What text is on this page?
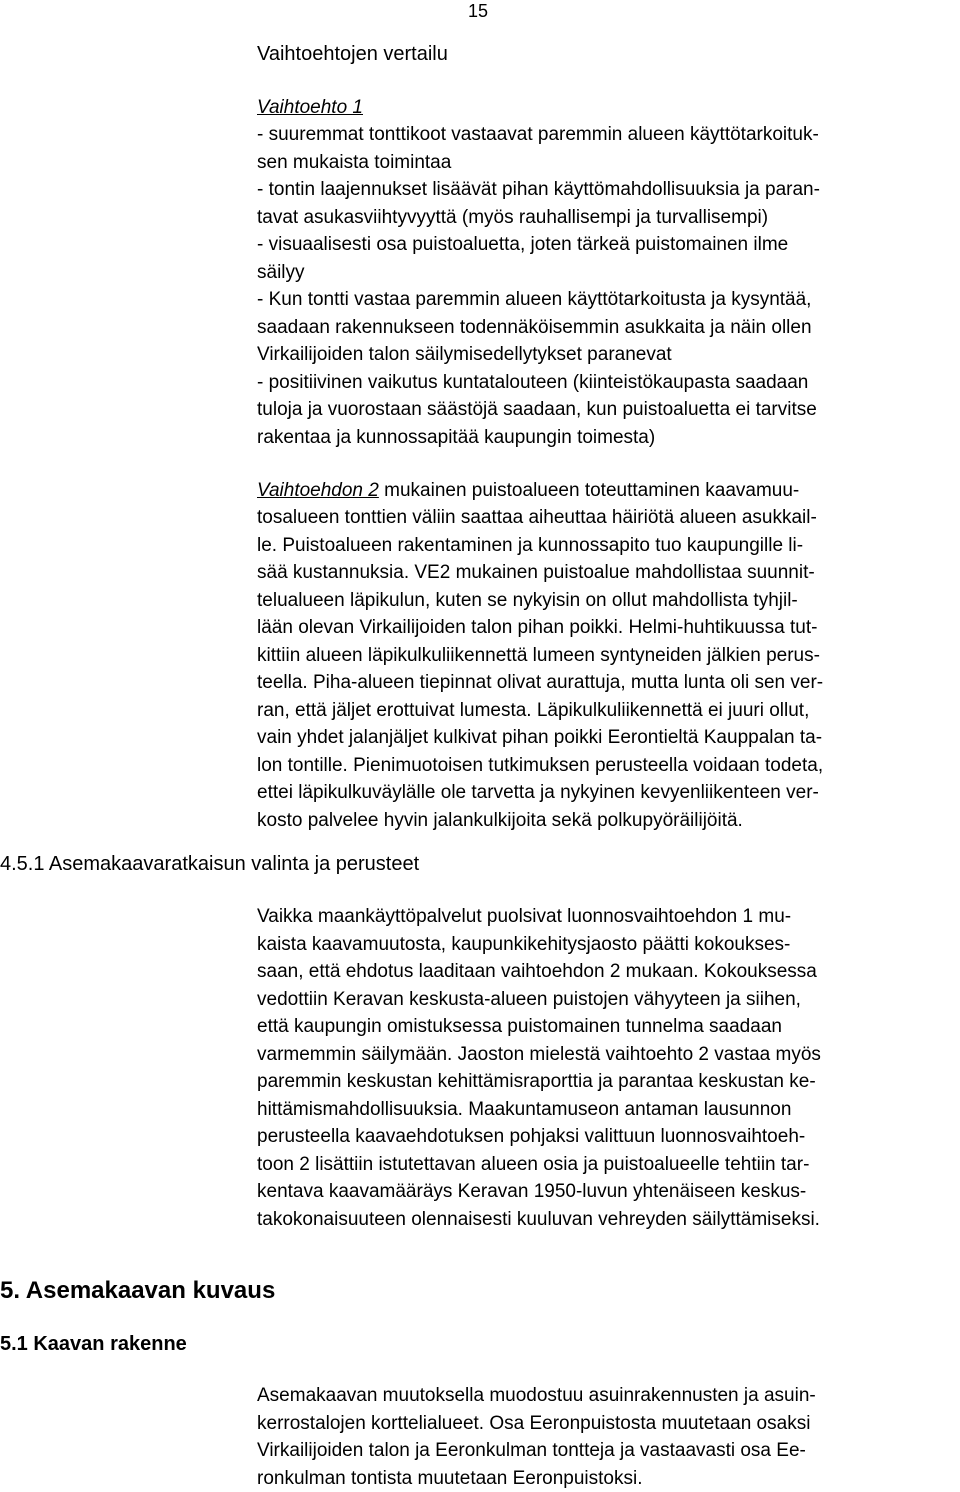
15
Vaihtoehtojen vertailu
Vaihtoehto 1
- suuremmat tonttikoot vastaavat paremmin alueen käyttötarkoituk-
sen mukaista toimintaa
- tontin laajennukset lisäävät pihan käyttömahdollisuuksia ja paran-
tavat asukasviihtyvyyttä (myös rauhallisempi ja turvallisempi)
- visuaalisesti osa puistoaluetta, joten tärkeä puistomainen ilme
säilyy
- Kun tontti vastaa paremmin alueen käyttötarkoitusta ja kysyntää,
saadaan rakennukseen todennäköisemmin asukkaita ja näin ollen
Virkailijoiden talon säilymisedellytykset paranevat
- positiivinen vaikutus kuntatalouteen (kiinteistökaupasta saadaan
tuloja ja vuorostaan säästöjä saadaan, kun puistoaluetta ei tarvitse
rakentaa ja kunnossapitää kaupungin toimesta)
Vaihtoehdon 2 mukainen puistoalueen toteuttaminen kaavamuu-
tosalueen tonttien väliin saattaa aiheuttaa häiriötä alueen asukkail-
le. Puistoalueen rakentaminen ja kunnossapito tuo kaupungille li-
sää kustannuksia. VE2 mukainen puistoalue mahdollistaa suunnit-
telualueen läpikulun, kuten se nykyisin on ollut mahdollista tyhjil-
lään olevan Virkailijoiden talon pihan poikki. Helmi-huhtikuussa tut-
kittiin alueen läpikulkuliikennettä lumeen syntyneiden jälkien perus-
teella. Piha-alueen tiepinnat olivat aurattuja, mutta lunta oli sen ver-
ran, että jäljet erottuivat lumesta. Läpikulkuliikennettä ei juuri ollut,
vain yhdet jalanjäljet kulkivat pihan poikki Eerontieltä Kauppalan ta-
lon tontille. Pienimuotoisen tutkimuksen perusteella voidaan todeta,
ettei läpikulkuväylälle ole tarvetta ja nykyinen kevyenliikenteen ver-
kosto palvelee hyvin jalankulkijoita sekä polkupyöräilijöitä.
4.5.1 Asemakaavaratkaisun valinta ja perusteet
Vaikka maankäyttöpalvelut puolsivat luonnosvaihtoehdon 1 mu-
kaista kaavamuutosta, kaupunkikehitysjaosto päätti kokoukses-
saan, että ehdotus laaditaan vaihtoehdon 2 mukaan. Kokouksessa
vedottiin Keravan keskusta-alueen puistojen vähyyteen ja siihen,
että kaupungin omistuksessa puistomainen tunnelma saadaan
varmemmin säilymään. Jaoston mielestä vaihtoehto 2 vastaa myös
paremmin keskustan kehittämisraporttia ja parantaa keskustan ke-
hittämismahdollisuuksia. Maakuntamuseon antaman lausunnon
perusteella kaavaehdotuksen pohjaksi valittuun luonnosvaihtoeh-
toon 2 lisättiin istutettavan alueen osia ja puistoalueelle tehtiin tar-
kentava kaavamääräys Keravan 1950-luvun yhtenäiseen keskus-
takokonaisuuteen olennaisesti kuuluvan vehreyden säilyttämiseksi.
5. Asemakaavan kuvaus
5.1 Kaavan rakenne
Asemakaavan muutoksella muodostuu asuinrakennusten ja asuin-
kerrostalojen korttelialueet. Osa Eeronpuistosta muutetaan osaksi
Virkailijoiden talon ja Eeronkulman tontteja ja vastaavasti osa Ee-
ronkulman tontista muutetaan Eeronpuistoksi.
